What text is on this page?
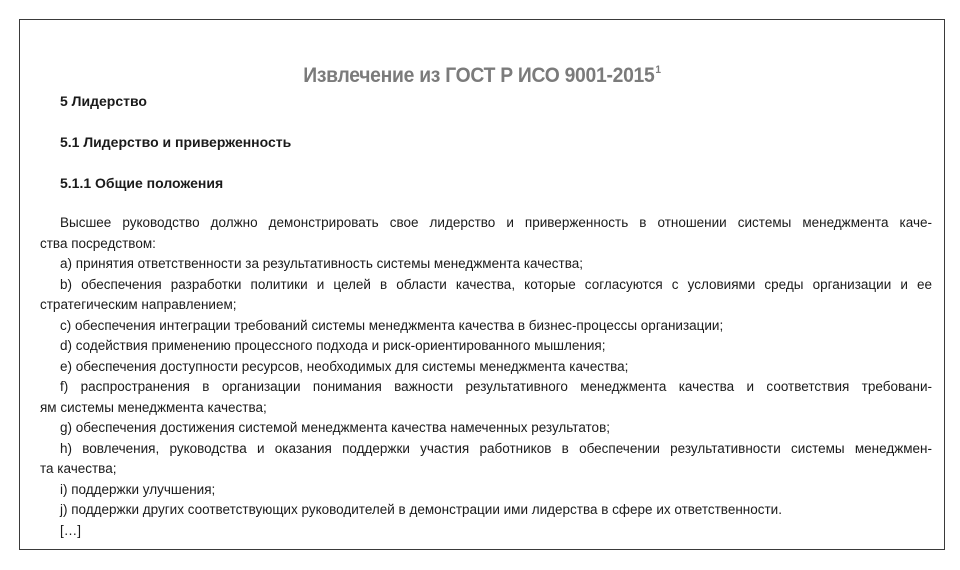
Извлечение из ГОСТ Р ИСО 9001-2015$^1$
5 Лидерство
5.1 Лидерство и приверженность
5.1.1 Общие положения
Высшее руководство должно демонстрировать свое лидерство и приверженность в отношении системы менеджмента каче-
ства посредством:
а) принятия ответственности за результативность системы менеджмента качества;
b) обеспечения разработки политики и целей в области качества, которые согласуются с условиями среды организации и ее
стратегическим направлением;
с) обеспечения интеграции требований системы менеджмента качества в бизнес-процессы организации;
d) содействия применению процессного подхода и риск-ориентированного мышления;
е) обеспечения доступности ресурсов, необходимых для системы менеджмента качества;
f) распространения в организации понимания важности результативного менеджмента качества и соответствия требовани-
ям системы менеджмента качества;
g) обеспечения достижения системой менеджмента качества намеченных результатов;
h) вовлечения, руководства и оказания поддержки участия работников в обеспечении результативности системы менеджмен-
та качества;
i) поддержки улучшения;
j) поддержки других соответствующих руководителей в демонстрации ими лидерства в сфере их ответственности.
[…]
